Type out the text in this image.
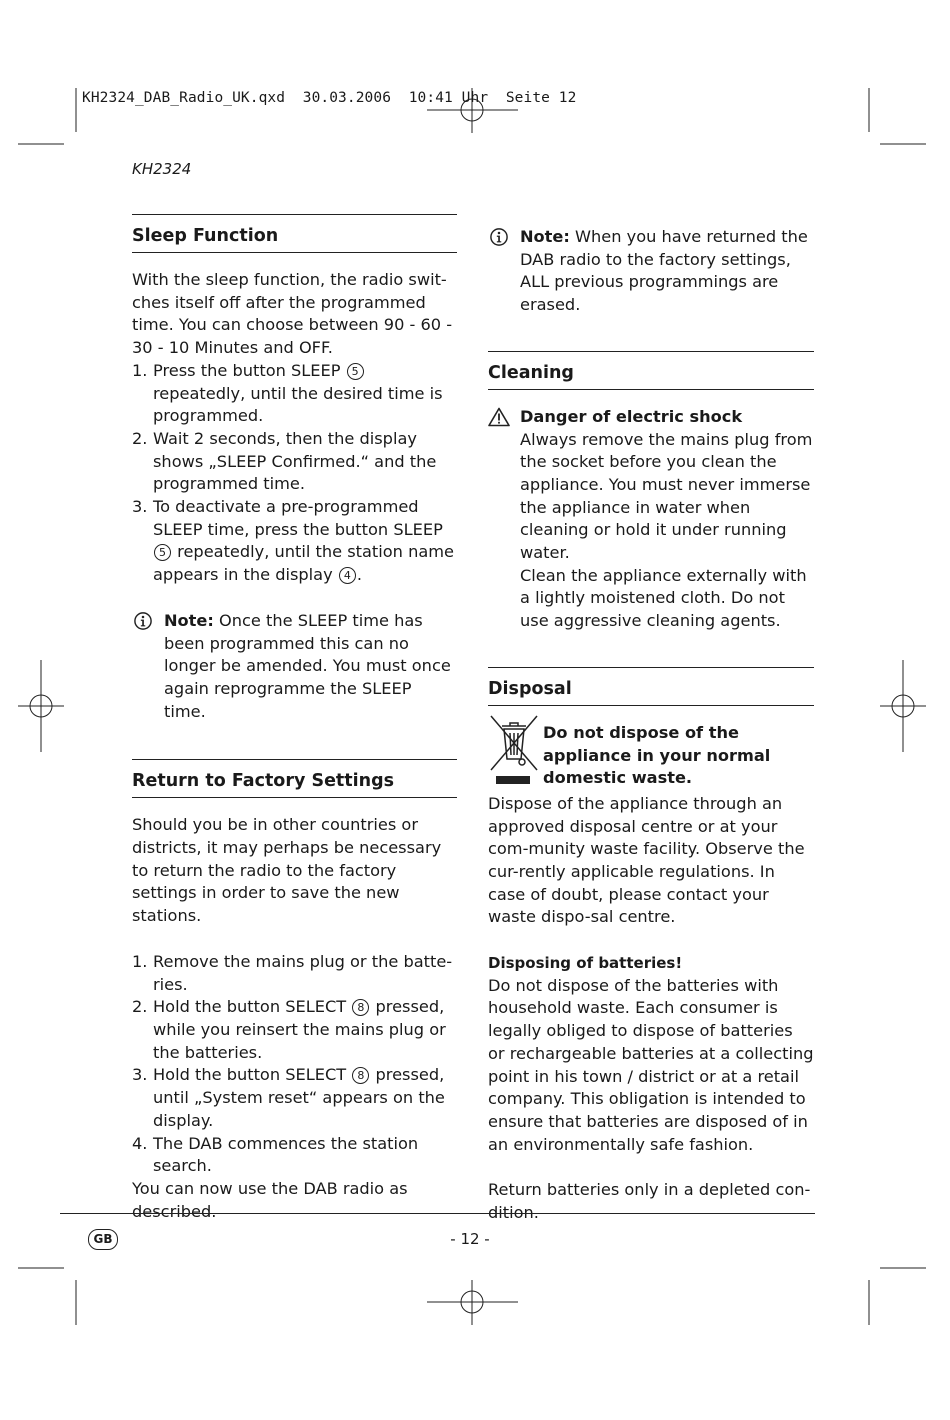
KH2324_DAB_Radio_UK.qxd  30.03.2006  10:41 Uhr  Seite 12
KH2324
Sleep Function

With the sleep function, the radio swit-ches itself off after the programmed time. You can choose between 90 - 60 - 30 - 10 Minutes and OFF.

1. Press the button SLEEP 5 repeatedly, until the desired time is programmed.
2. Wait 2 seconds, then the display shows „SLEEP Confirmed.“ and the programmed time.
3. To deactivate a pre-programmed SLEEP time, press the button SLEEP 5 repeatedly, until the station name appears in the display 4 .
Note: Once the SLEEP time has been programmed this can no longer be amended. You must once again reprogramme the SLEEP time.
Return to Factory Settings

Should you be in other countries or districts, it may perhaps be necessary to return the radio to the factory settings in order to save the new stations.

1. Remove the mains plug or the batte-ries.
2. Hold the button SELECT 8 pressed, while you reinsert the mains plug or the batteries.
3. Hold the button SELECT 8 pressed, until „System reset“ appears on the display.
4. The DAB commences the station search.

You can now use the DAB radio as described.

Note: When you have returned the DAB radio to the factory settings, ALL previous programmings are erased.
Cleaning
Danger of electric shock
Always remove the mains plug from the socket before you clean the appliance. You must never immerse the appliance in water when cleaning or hold it under running water.
Clean the appliance externally with a lightly moistened cloth. Do not use aggressive cleaning agents.
Disposal
Do not dispose of the appliance in your normal domestic waste.

Dispose of the appliance through an approved disposal centre or at your com-munity waste facility. Observe the cur-rently applicable regulations. In case of doubt, please contact your waste dispo-sal centre.

Disposing of batteries!

Do not dispose of the batteries with household waste. Each consumer is legally obliged to dispose of batteries or rechargeable batteries at a collecting point in his town / district or at a retail company. This obligation is intended to ensure that batteries are disposed of in an environmentally safe fashion.

Return batteries only in a depleted con-dition.

GB	- 12 -
